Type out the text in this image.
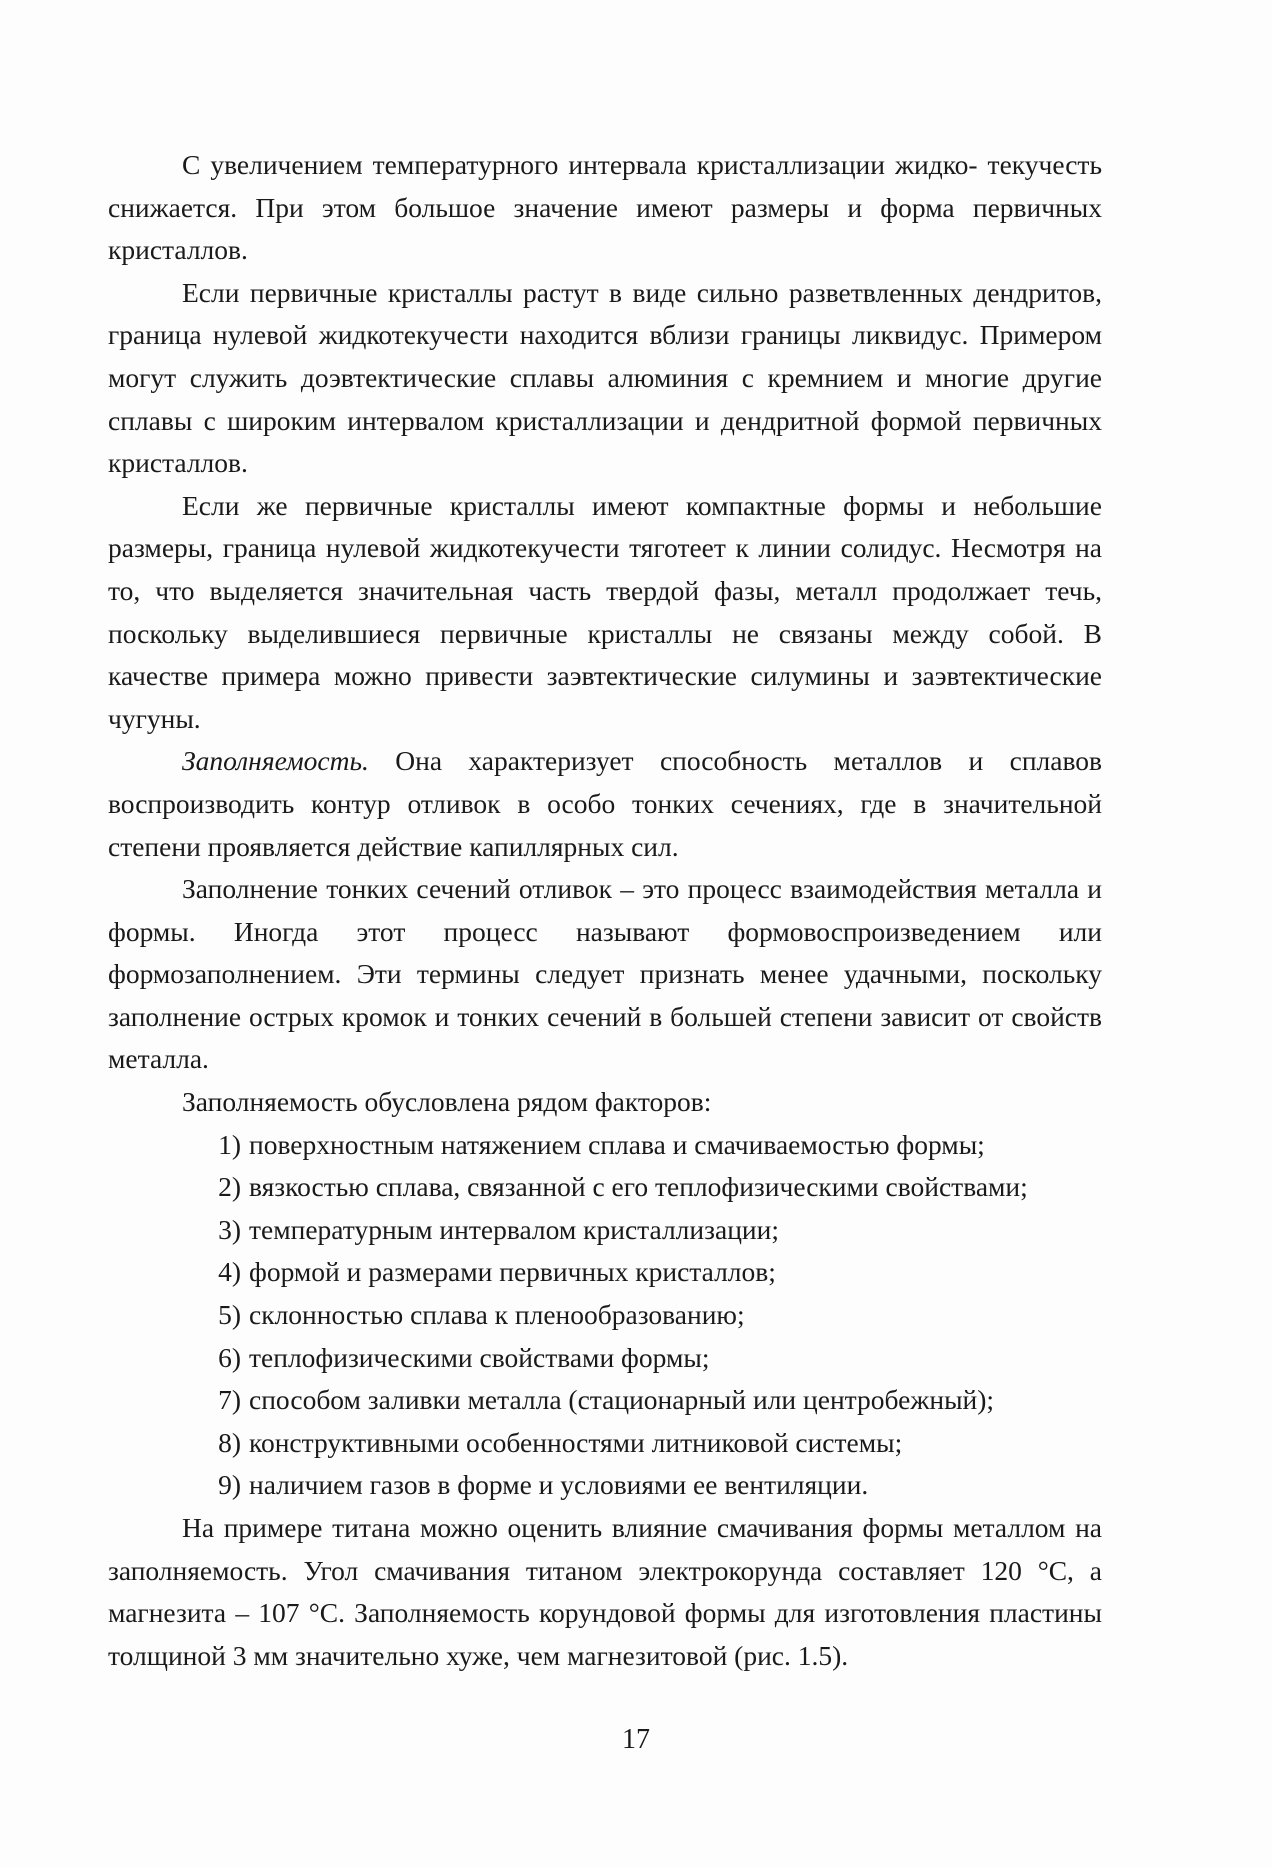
С увеличением температурного интервала кристаллизации жидко- текучесть снижается. При этом большое значение имеют размеры и форма первичных кристаллов.

Если первичные кристаллы растут в виде сильно разветвленных дендритов, граница нулевой жидкотекучести находится вблизи границы ликвидус. Примером могут служить доэвтектические сплавы алюминия с кремнием и многие другие сплавы с широким интервалом кристаллизации и дендритной формой первичных кристаллов.

Если же первичные кристаллы имеют компактные формы и небольшие размеры, граница нулевой жидкотекучести тяготеет к линии солидус. Несмотря на то, что выделяется значительная часть твердой фазы, металл продолжает течь, поскольку выделившиеся первичные кристаллы не связаны между собой. В качестве примера можно привести заэвтектические силумины и заэвтектические чугуны.

Заполняемость. Она характеризует способность металлов и сплавов воспроизводить контур отливок в особо тонких сечениях, где в значительной степени проявляется действие капиллярных сил.

Заполнение тонких сечений отливок – это процесс взаимодействия металла и формы. Иногда этот процесс называют формовоспроизведением или формозаполнением. Эти термины следует признать менее удачными, поскольку заполнение острых кромок и тонких сечений в большей степени зависит от свойств металла.

Заполняемость обусловлена рядом факторов:

1) поверхностным натяжением сплава и смачиваемостью формы;
2) вязкостью сплава, связанной с его теплофизическими свойствами;
3) температурным интервалом кристаллизации;
4) формой и размерами первичных кристаллов;
5) склонностью сплава к пленообразованию;
6) теплофизическими свойствами формы;
7) способом заливки металла (стационарный или центробежный);
8) конструктивными особенностями литниковой системы;
9) наличием газов в форме и условиями ее вентиляции.

На примере титана можно оценить влияние смачивания формы металлом на заполняемость. Угол смачивания титаном электрокорунда составляет 120 °С, а магнезита – 107 °С. Заполняемость корундовой формы для изготовления пластины толщиной 3 мм значительно хуже, чем магнезитовой (рис. 1.5).

17
